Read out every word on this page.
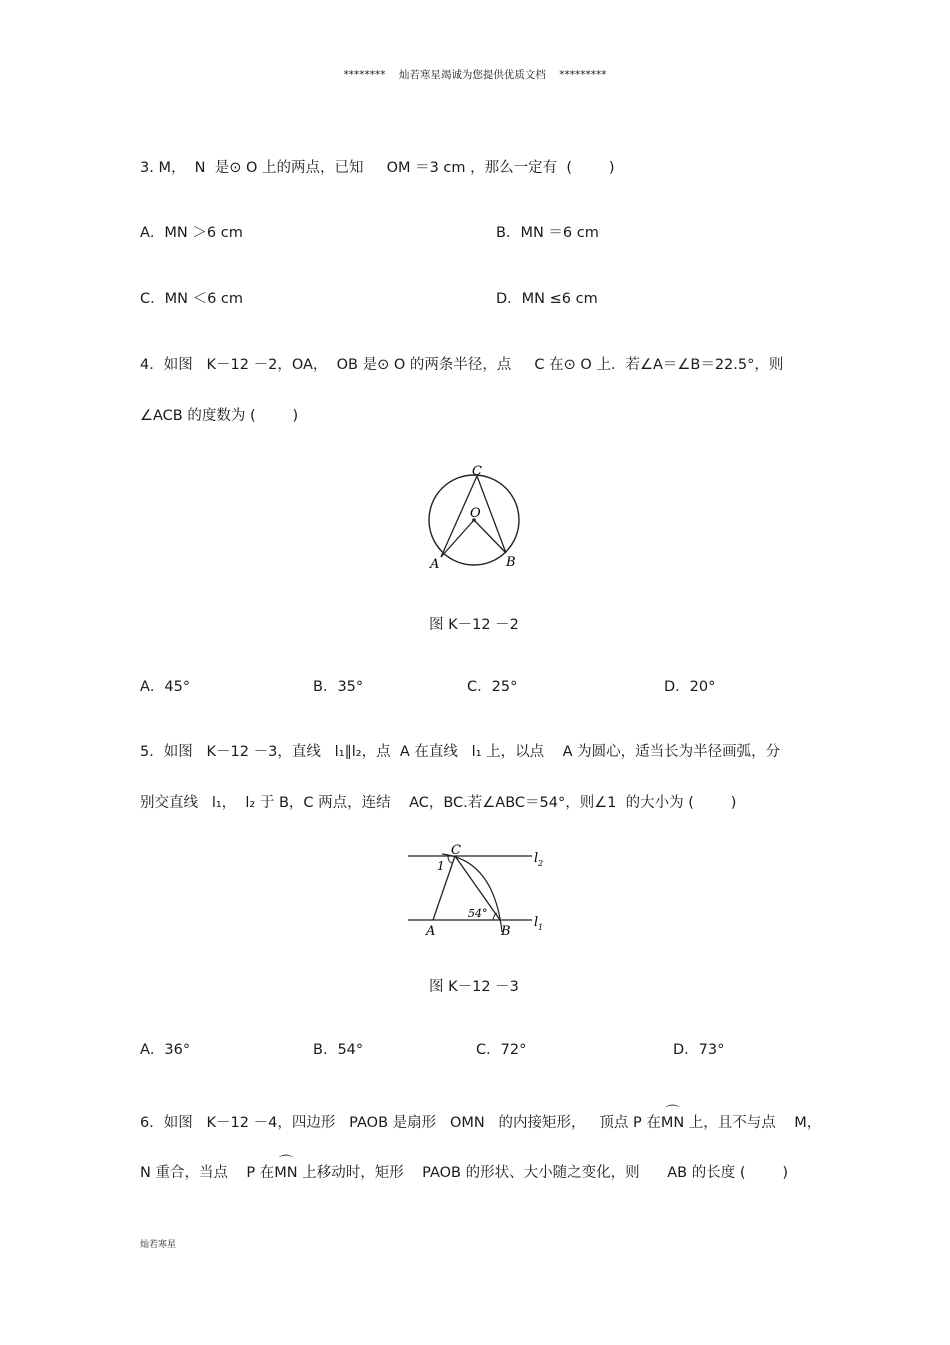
********    灿若寒星竭诚为您提供优质文档    *********
3. M，  N  是⊙ O 上的两点，已知     OM ＝3 cm ，那么一定有  (        )
A．MN ＞6 cm	B．MN ＝6 cm
C．MN ＜6 cm	D．MN ≤6 cm
4．如图   K－12 －2，OA，  OB 是⊙ O 的两条半径，点     C 在⊙ O 上．若∠A＝∠B＝22.5°，则
∠ACB 的度数为 (        )
C
O
A	B
图 K－12 －2
A．45°	B．35°	C．25°	D．20°
5．如图   K－12 －3，直线   l₁∥l₂，点  A 在直线   l₁ 上，以点    A 为圆心，适当长为半径画弧，分
别交直线   l₁，  l₂ 于 B，C 两点，连结    AC，BC.若∠ABC＝54°，则∠1  的大小为 (        )
C
1	l 2
A
54°
B
l 1
图 K－12 －3
A．36°	B．54°	C．72°	D．73°
6．如图   K－12 －4，四边形   PAOB 是扇形   OMN   的内接矩形，   顶点 P 在⌒ MN 上，且不与点    M，
N 重合，当点    P 在⌒ MN 上移动时，矩形    PAOB 的形状、大小随之变化，则      AB 的长度 (        )
灿若寒星
